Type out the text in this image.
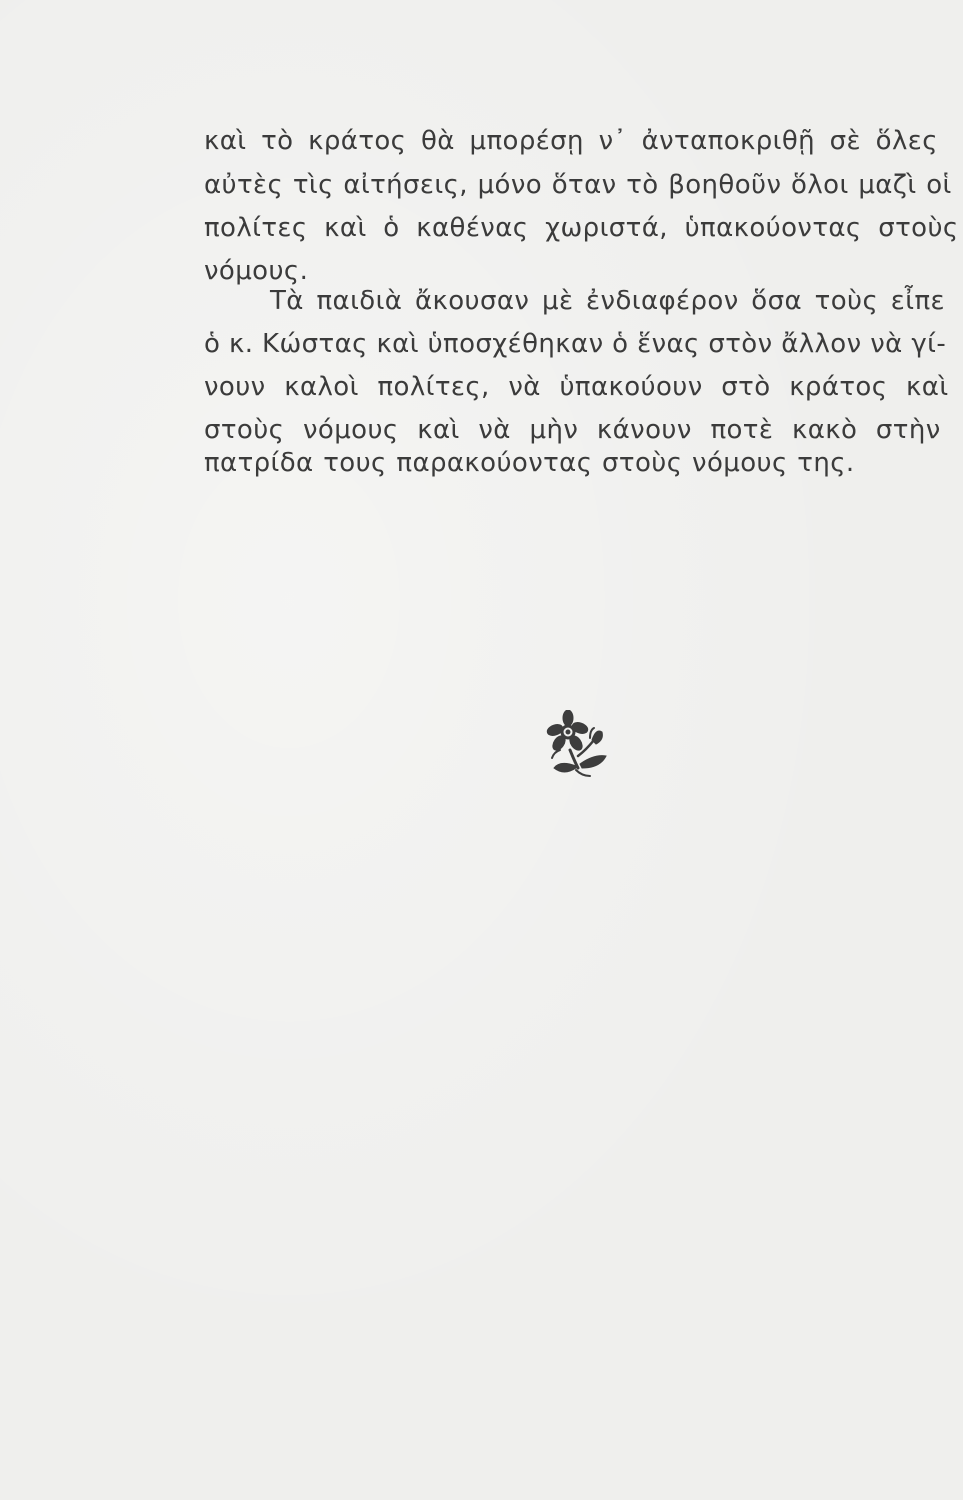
καὶ τὸ κράτος θὰ μπορέσῃ ν᾽ ἀνταποκριθῇ σὲ ὅλες
αὐτὲς τὶς αἰτήσεις, μόνο ὅταν τὸ βοηθοῦν ὅλοι μαζὶ οἱ
πολίτες καὶ ὁ καθένας χωριστά, ὑπακούοντας στοὺς
νόμους.
Τὰ παιδιὰ ἄκουσαν μὲ ἐνδιαφέρον ὅσα τοὺς εἶπε
ὁ κ. Κώστας καὶ ὑποσχέθηκαν ὁ ἕνας στὸν ἄλλον νὰ γί-
νουν καλοὶ πολίτες, νὰ ὑπακούουν στὸ κράτος καὶ
στοὺς νόμους καὶ νὰ μὴν κάνουν ποτὲ κακὸ στὴν
πατρίδα τους παρακούοντας στοὺς νόμους της.
